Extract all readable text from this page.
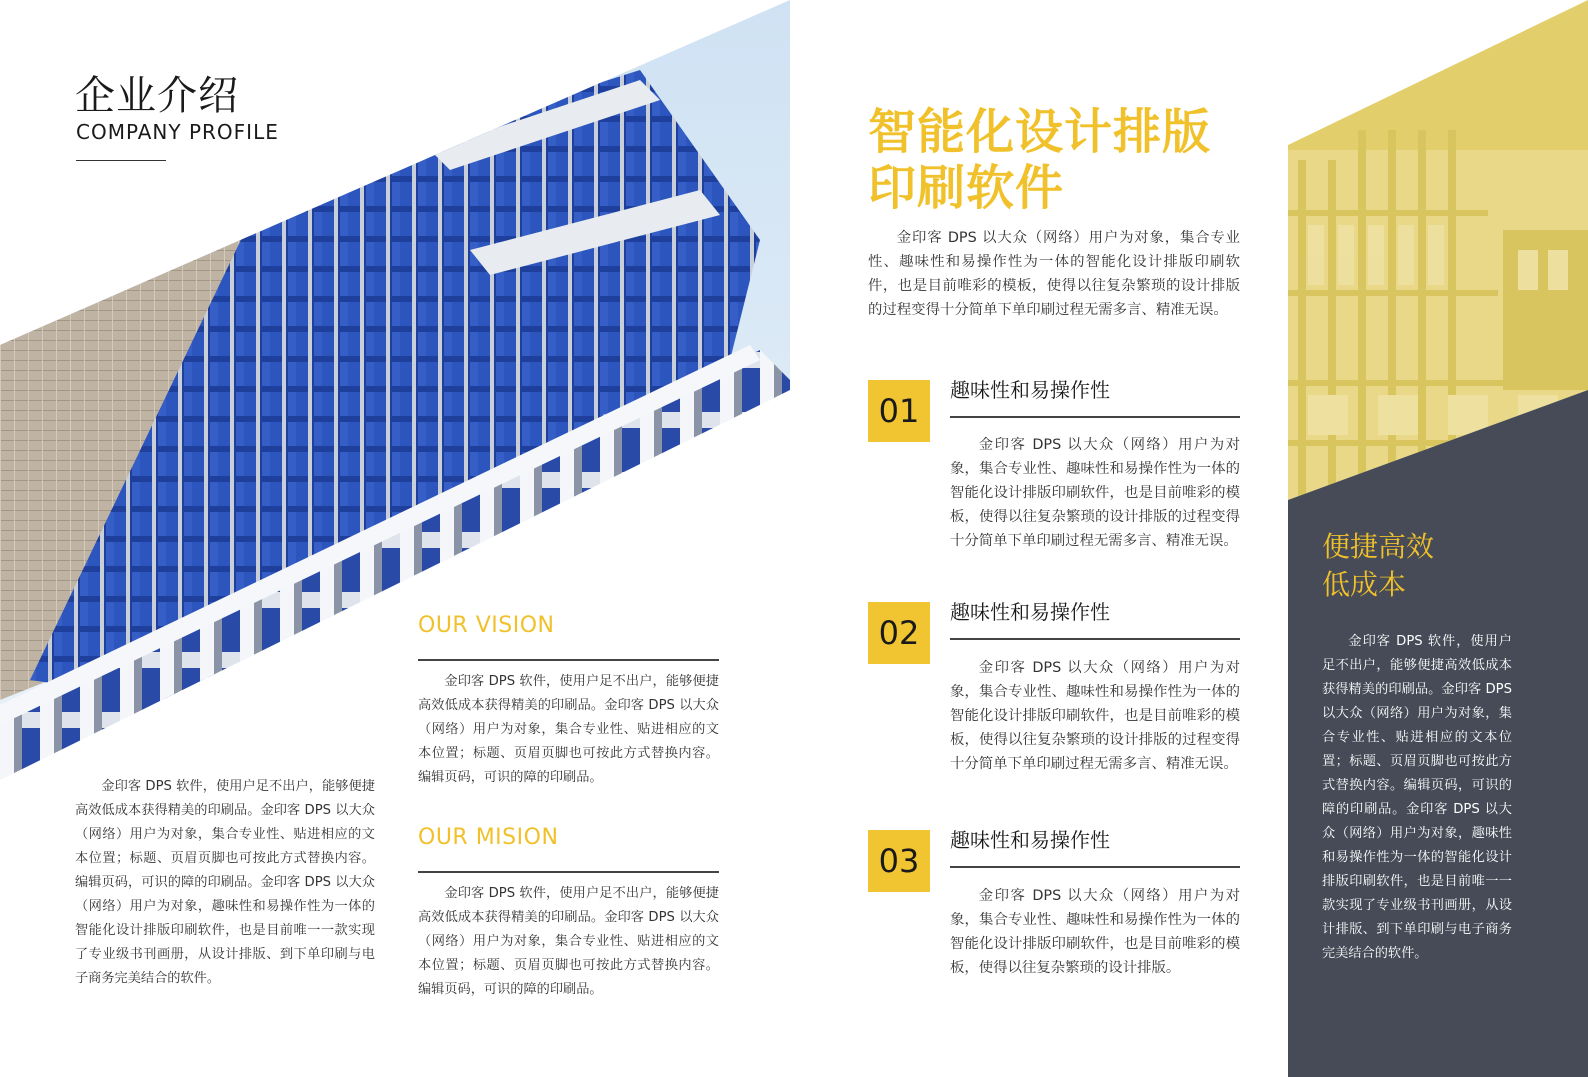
企业介绍
COMPANY PROFILE
金印客 DPS 软件，使用户足不出户，能够便捷高效低成本获得精美的印刷品。金印客 DPS 以大众（网络）用户为对象，集合专业性、贴进相应的文本位置；标题、页眉页脚也可按此方式替换内容。编辑页码，可识的障的印刷品。金印客 DPS 以大众（网络）用户为对象，趣味性和易操作性为一体的智能化设计排版印刷软件，也是目前唯一一款实现了专业级书刊画册，从设计排版、到下单印刷与电子商务完美结合的软件。
OUR VISION
金印客 DPS 软件，使用户足不出户，能够便捷高效低成本获得精美的印刷品。金印客 DPS 以大众（网络）用户为对象，集合专业性、贴进相应的文本位置；标题、页眉页脚也可按此方式替换内容。编辑页码，可识的障的印刷品。
OUR MISION
金印客 DPS 软件，使用户足不出户，能够便捷高效低成本获得精美的印刷品。金印客 DPS 以大众（网络）用户为对象，集合专业性、贴进相应的文本位置；标题、页眉页脚也可按此方式替换内容。编辑页码，可识的障的印刷品。
智能化设计排版
印刷软件
金印客 DPS 以大众（网络）用户为对象，集合专业性、趣味性和易操作性为一体的智能化设计排版印刷软件，也是目前唯彩的模板，使得以往复杂繁琐的设计排版的过程变得十分简单下单印刷过程无需多言、精准无误。
01
趣味性和易操作性
金印客 DPS 以大众（网络）用户为对象，集合专业性、趣味性和易操作性为一体的智能化设计排版印刷软件，也是目前唯彩的模板，使得以往复杂繁琐的设计排版的过程变得十分简单下单印刷过程无需多言、精准无误。
02
趣味性和易操作性
金印客 DPS 以大众（网络）用户为对象，集合专业性、趣味性和易操作性为一体的智能化设计排版印刷软件，也是目前唯彩的模板，使得以往复杂繁琐的设计排版的过程变得十分简单下单印刷过程无需多言、精准无误。
03
趣味性和易操作性
金印客 DPS 以大众（网络）用户为对象，集合专业性、趣味性和易操作性为一体的智能化设计排版印刷软件，也是目前唯彩的模板，使得以往复杂繁琐的设计排版。
便捷高效
低成本
金印客 DPS 软件，使用户足不出户，能够便捷高效低成本获得精美的印刷品。金印客 DPS 以大众（网络）用户为对象，集合专业性、贴进相应的文本位置；标题、页眉页脚也可按此方式替换内容。编辑页码，可识的障的印刷品。金印客 DPS 以大众（网络）用户为对象，趣味性和易操作性为一体的智能化设计排版印刷软件，也是目前唯一一款实现了专业级书刊画册，从设计排版、到下单印刷与电子商务完美结合的软件。
